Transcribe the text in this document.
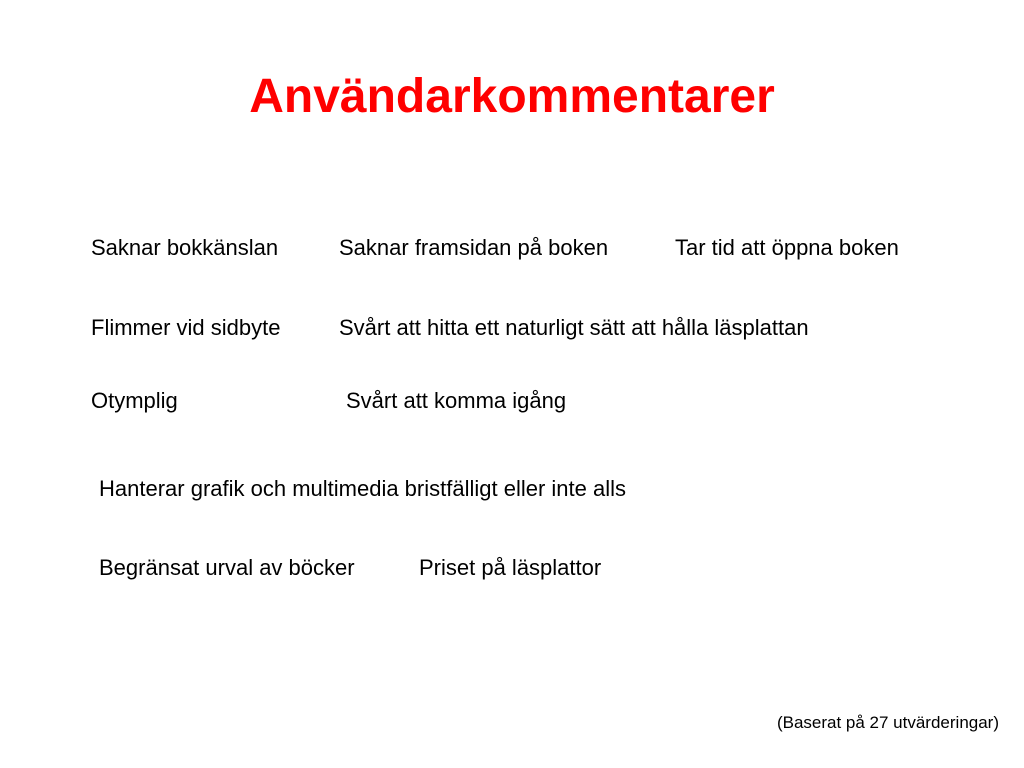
Användarkommentarer
Saknar bokkänslan	Saknar framsidan på boken	Tar tid att öppna boken
Flimmer vid sidbyte	Svårt att hitta ett naturligt sätt att hålla läsplattan
Otymplig	Svårt att komma igång
Hanterar grafik och multimedia bristfälligt eller inte alls
Begränsat urval av böcker	Priset på läsplattor
(Baserat på 27 utvärderingar)
